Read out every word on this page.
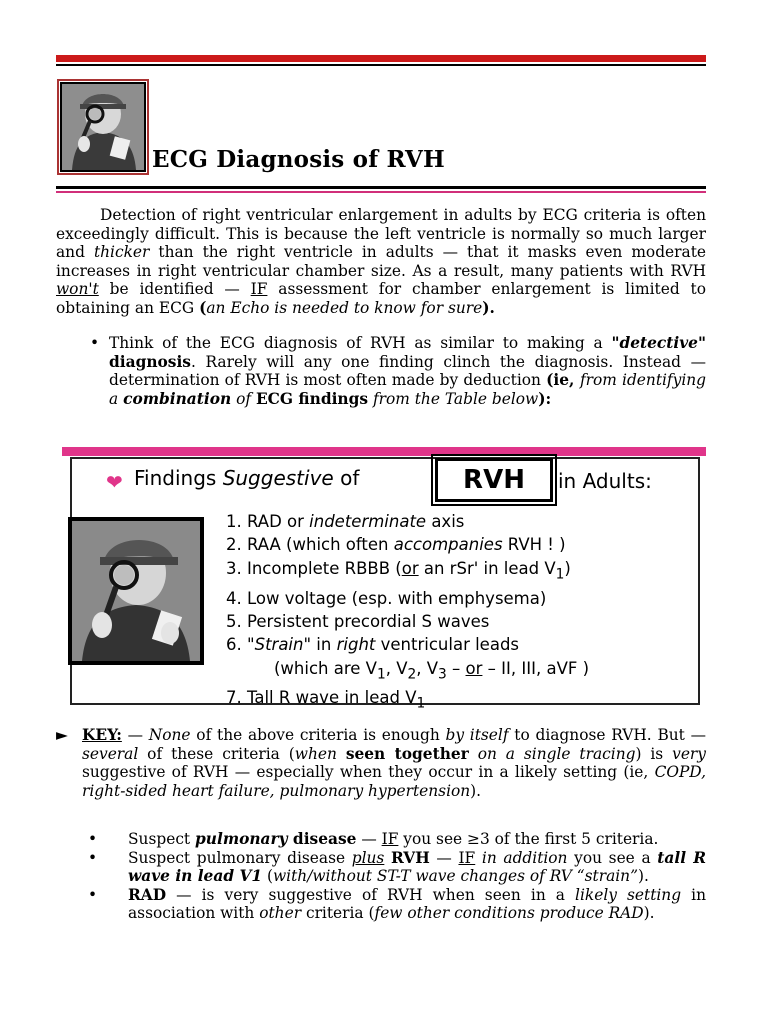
ECG Diagnosis of RVH
Detection of right ventricular enlargement in adults by ECG criteria is often exceedingly difficult. This is because the left ventricle is normally so much larger and thicker than the right ventricle in adults — that it masks even moderate increases in right ventricular chamber size. As a result, many patients with RVH won't be identified — IF assessment for chamber enlargement is limited to obtaining an ECG (an Echo is needed to know for sure).
• Think of the ECG diagnosis of RVH as similar to making a "detective" diagnosis. Rarely will any one finding clinch the diagnosis. Instead — determination of RVH is most often made by deduction (ie, from identifying a combination of ECG findings from the Table below):
❤ Findings Suggestive of	RVH	in Adults:
1. RAD or indeterminate axis
2. RAA (which often accompanies RVH ! )
3. Incomplete RBBB (or an rSr' in lead $V_1$)
4. Low voltage (esp. with emphysema)
5. Persistent precordial S waves
6. "Strain" in right ventricular leads
(which are $V_1$, $V_2$, $V_3$ – or – II, III, aVF )
7. Tall R wave in lead $V_1$
► KEY: — None of the above criteria is enough by itself to diagnose RVH. But — several of these criteria (when seen together on a single tracing) is very suggestive of RVH — especially when they occur in a likely setting (ie, COPD, right-sided heart failure, pulmonary hypertension).
• Suspect pulmonary disease — IF you see ≥3 of the first 5 criteria.
• Suspect pulmonary disease plus RVH — IF in addition you see a tall R wave in lead V1 (with/without ST-T wave changes of RV “strain”).
• RAD — is very suggestive of RVH when seen in a likely setting in association with other criteria (few other conditions produce RAD).
